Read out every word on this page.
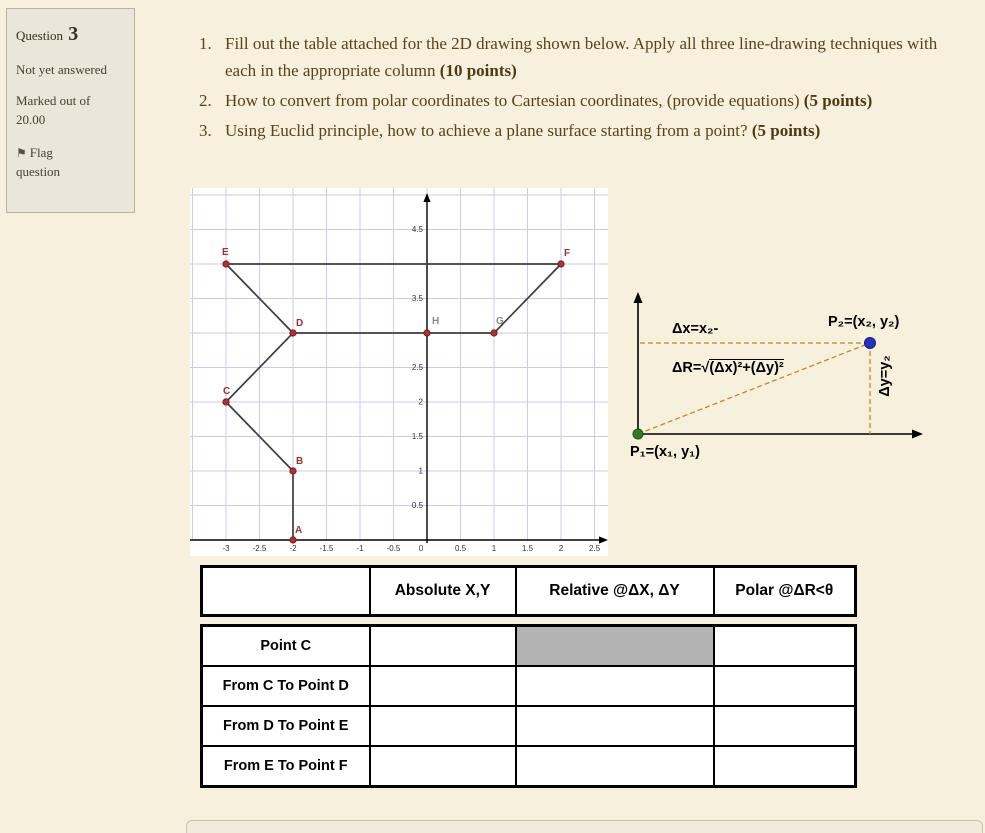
Question 3
Not yet answered
Marked out of 20.00
⚑ Flag question
1. Fill out the table attached for the 2D drawing shown below. Apply all three line-drawing techniques with each in the appropriate column (10 points)
2. How to convert from polar coordinates to Cartesian coordinates, (provide equations) (5 points)
3. Using Euclid principle, how to achieve a plane surface starting from a point? (5 points)
-3	-2.5	-2	-1.5	-1	-0.5 0	0.5	1	1.5	2	2.5
0.5
1
1.5
2
2.5
3.5
4.5
A
B
C
D
E	F
G
H	Δx=x₂-
ΔR=√(Δx)²+(Δy)²
P₂=(x₂, y₂)
P₁=(x₁, y₁)
Δy=y₂
	Absolute X,Y	Relative @ΔX, ΔY	Polar @ΔR<θ
Point C			
From C To Point D			
From D To Point E			
From E To Point F			
